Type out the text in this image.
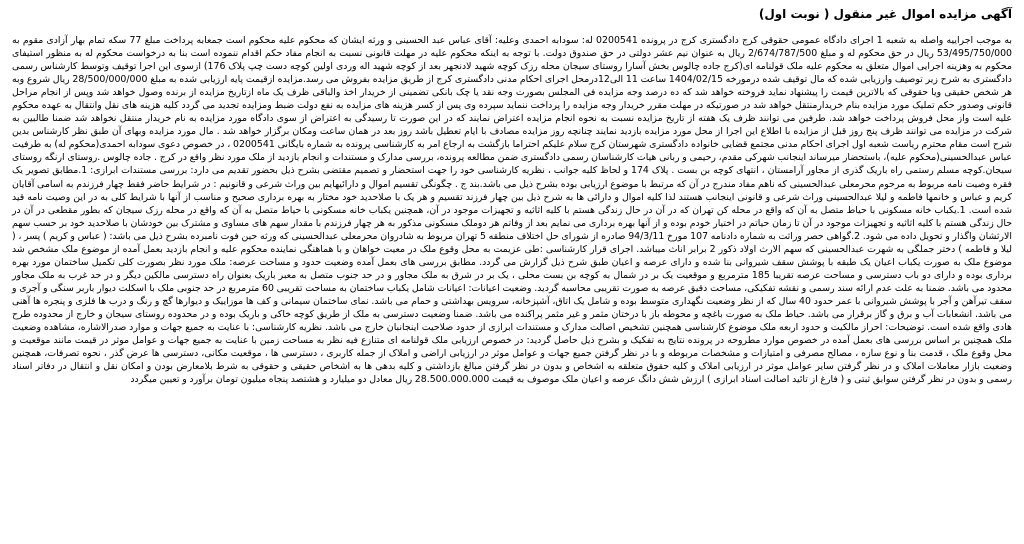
آگهی مزایده اموال غیر منقول ( نوبت اول)

به موجب اجراییه واصله به شعبه 1 اجرای دادگاه عمومی حقوقی کرج دادگستری کرج در پرونده 0200541 له: سودابه احمدی وعلیه: آقای عباس عبد الحسینی و ورثه ایشان که محکوم علیه محکوم است جمعابه پرداخت مبلغ 77 سکه تمام بهار آزادی مقوم به 53/495/750/000 ریال در حق محکوم له و مبلغ 2/674/787/500 ریال به عنوان نیم عشر دولتی در حق صندوق دولت. با توجه به اینکه محکوم علیه در مهلت قانونی نسبت به انجام مفاد حکم اقدام ننموده است بنا به درخواست محکوم له به منظور استیفای محکوم به وهزینه اجرایی اموال متعلق به محکوم علیه ملک قولنامه ای(کرج جاده چالوس بخش آسارا روستای سیجان محله رزک کوچه شهید لادنجهر بعد از کوچه شهید اله وردی اولین کوچه دست چپ پلاک 176) ازسوی این اجرا توقیف وتوسط کارشناس رسمی دادگستری به شرح زیر توصیف وارزیابی شده که مال توقیف شده درمورخه 1404/02/15 ساعت 11 الی12درمحل اجرای احکام مدنی دادگستری کرج از طریق مزایده بفروش می رسد.مزایده ازقیمت پایه ارزیابی شده به مبلغ 28/500/000/000 ریال شروع وبه هر شخص حقیقی ویا حقوقی که بالاترین قیمت را پیشنهاد نماید فروخته خواهد شد که ده درصد وجه مزایده فی المجلس بصورت وجه نقد یا چک بانکی تضمینی از خریدار اخذ والباقی ظرف یک ماه ازتاریخ مزایده از برنده وصول خواهد شد وپس از انجام مراحل قانونی وصدور حکم تملیک مورد مزایده بنام خریدارمنتقل خواهد شد در صورتیکه در مهلت مقرر خریدار وجه مزایده را پرداخت ننماید سپرده وی پس از کسر هزینه های مزایده به نفع دولت ضبط ومزایده تجدید می گردد کلیه هزینه های نقل وانتقال به عهده محکوم علیه است واز محل فروش پرداخت خواهد شد. طرفین می توانند ظرف یک هفته از تاریخ مزایده نسبت به نحوه انجام مزایده اعتراض نمایند که در این صورت تا رسیدگی به اعتراض از سوی دادگاه مورد مزایده به نام خریدار منتقل نخواهد شد ضمنا طالبین به شرکت در مزایده می توانند ظرف پنج روز قبل از مزایده با اطلاع این اجرا از محل مورد مزایده بازدید نمایند چنانچه روز مزایده مصادف با ایام تعطیل باشد روز بعد در همان ساعت ومکان برگزار خواهد شد . مال مورد مزایده وبهای آن طبق نظر کارشناس بدین شرح است مقام محترم ریاست شعبه اول اجرای احکام مدنی مجتمع قضایی خانواده دادگستری شهرستان کرج سلام علیکم احتراما بازگشت به ارجاع امر به کارشناسی پرونده به شماره بایگانی 0200541 ، در خصوص دعوی سودابه احمدی(محکوم له) به طرفیت عباس عبدالحسینی(محکوم علیه)، باستحضار میرساند اینجانب شهرکی مقدم، رحیمی و ربانی هیات کارشناسان رسمی دادگستری ضمن مطالعه پرونده، بررسی مدارک و مستندات و انجام بازدید از ملک مورد نظر واقع در کرج . جاده چالوس .روستای ارنگه روستای سیجان.کوچه مسلم رستمی راه باریک گذری از مجاور آرامستان ، انتهای کوچه بن بست . پلاک 174 و لحاظ کلیه جوانب ، نظریه کارشناسی خود را جهت استحضار و تصمیم مقتضی بشرح ذیل بحضور تقدیم می دارد: بررسی مستندات ابرازی: 1.مطابق تصویر یک فقره وصیت نامه مربوط به مرحوم محرمعلی عبدالحسینی که ناهم مفاد مندرج در آن که مرتبط با موضوع ارزیابی بوده بشرح ذیل می باشد.بند ج . چگونگی تقسیم اموال و دارائیهایم بین وراث شرعی و قانونیم : در شرایط حاضر فقط چهار فرزندم به اسامی آقایان کریم و عباس و خانمها فاطمه و لیلا عبدالحسینی وراث شرعی و قانونی اینجانب هستند لذا کلیه اموال و دارائی ها به شرح ذیل بین چهار فرزند تقسیم و هر یک با صلاحدید خود مختار به بهره برداری صحیح و مناسب از آنها با شرایط کلی به در این وصیت نامه قید شده است. 1.یکباب خانه مسکونی با حیاط متصل به آن که واقع در محله کن تهران که در آن در حال زندگی هستم با کلیه اثاثیه و تجهیزات موجود در آن، همچنین یکباب خانه مسکونی با حیاط متصل به آن که واقع در محله رزک سیجان که بطور مقطعی در آن در حال زندگی هستم با کلیه اثاثیه و تجهیزات موجود در آن تا زمان حیاتم در اختیار خودم بوده و از آنها بهره برداری می نمایم بعد از وفاتم هر دوملک مسکونی مذکور به هر چهار فرزندم با مقدار سهم های مساوی و مشترک بین خودشان با صلاحدید خود بر حسب سهم الارثشان واگذار و تحویل داده می شود. 2.گواهی حصر وراثت به شماره دادنامه 107 مورخ 94/3/11 صادره از شورای حل اختلاف منطقه 5 تهران مربوط به شادروان محرمعلی عبدالحسینی که ورثه حین فوت نامبرده بشرح ذیل می باشد: ( عباس و کریم ) پسر ، ( لیلا و فاطمه ) دختر جملگی به شهرت عبدالحسینی که سهم الارث اولاد ذکور 2 برابر اناث میباشد. اجرای قرار کارشناسی :طی عزیمت به محل وقوع ملک در معیت خواهان و با هماهنگی نماینده محکوم علیه و انجام بازدید بعمل آمده از موضوع ملک مشخص شد موضوع ملک به صورت یکباب اعیان یک طبقه با پوشش سقف شیروانی بنا شده و دارای عرصه و اعیان طبق شرح ذیل گزارش می گردد. مطابق بررسی های بعمل آمده وضعیت حدود و مساحت عرصه: ملک مورد نظر بصورت کلی تکمیل ساختمان مورد بهره برداری بوده و دارای دو باب دسترسی و مساحت عرصه تقریبا 185 مترمربع و موقعیت یک بر در شمال به کوچه بن بست محلی ، یک بر در شرق به ملک مجاور و در حد جنوب متصل به معبر باریک بعنوان راه دسترسی مالکین دیگر و در حد غرب به ملک مجاور محدود می باشد. ضمنا به علت عدم ارائه سند رسمی و نقشه تفکیکی، مساحت دقیق عرصه به صورت تقریبی محاسبه گردید. وضعیت اعیانات: اعیانات شامل یکباب ساختمان به مساحت تقریبی 60 مترمربع در حد جنوبی ملک با اسکلت دیوار باربر سنگی و آجری و سقف تیرآهن و آجر با پوشش شیروانی با عمر حدود 40 سال که از نظر وضعیت نگهداری متوسط بوده و شامل یک اتاق، آشپزخانه، سرویس بهداشتی و حمام می باشد. نمای ساختمان سیمانی و کف ها موزاییک و دیوارها گچ و رنگ و درب ها فلزی و پنجره ها آهنی می باشد. انشعابات آب و برق و گاز برقرار می باشد. حیاط ملک به صورت باغچه و محوطه باز با درختان مثمر و غیر مثمر پراکنده می باشد. ضمنا وضعیت دسترسی به ملک از طریق کوچه خاکی و باریک بوده و در محدوده روستای سیجان و خارج از محدوده طرح هادی واقع شده است. توضیحات: احراز مالکیت و حدود اربعه ملک موضوع کارشناسی همچنین تشخیص اصالت مدارک و مستندات ابرازی از حدود صلاحیت اینجانبان خارج می باشد. نظریه کارشناسی: با عنایت به جمیع جهات و موارد صدرالاشاره، مشاهده وضعیت ملک همچنین بر اساس بررسی های بعمل آمده در خصوص موارد مطروحه در پرونده نتایج به تفکیک و بشرح ذیل حاصل گردید: در خصوص ارزیابی ملک قولنامه ای متنازع فیه نظر به مساحت زمین با عنایت به جمیع جهات و عوامل موثر در قیمت مانند موقعیت و محل وقوع ملک ، قدمت بنا و نوع سازه ، مصالح مصرفی و امتیازات و مشخصات مربوطه و با در نظر گرفتن جمیع جهات و عوامل موثر در ارزیابی اراضی و املاک از جمله کاربری ، دسترسی ها ، موقعیت مکانی، دسترسی ها عرض گذر ، نحوه تصرفات، همچنین وضعیت بازار معاملات املاک و در نظر گرفتن سایر عوامل موثر در ارزیابی املاک و کلیه حقوق متعلقه به اشخاص و بدون در نظر گرفتن مبالغ بازداشتی و کلیه بدهی ها به اشخاص حقیقی و حقوقی به شرط بلامعارض بودن و امکان نقل و انتقال در دفاتر اسناد رسمی و بدون در نظر گرفتن سوابق ثبتی و ( فارغ از تائید اصالت اسناد ابرازی ) ارزش شش دانگ عرصه و اعیان ملک موصوف به قیمت 28.500.000.000 ریال معادل دو میلیارد و هشتصد پنجاه میلیون تومان برآورد و تعیین میگردد
